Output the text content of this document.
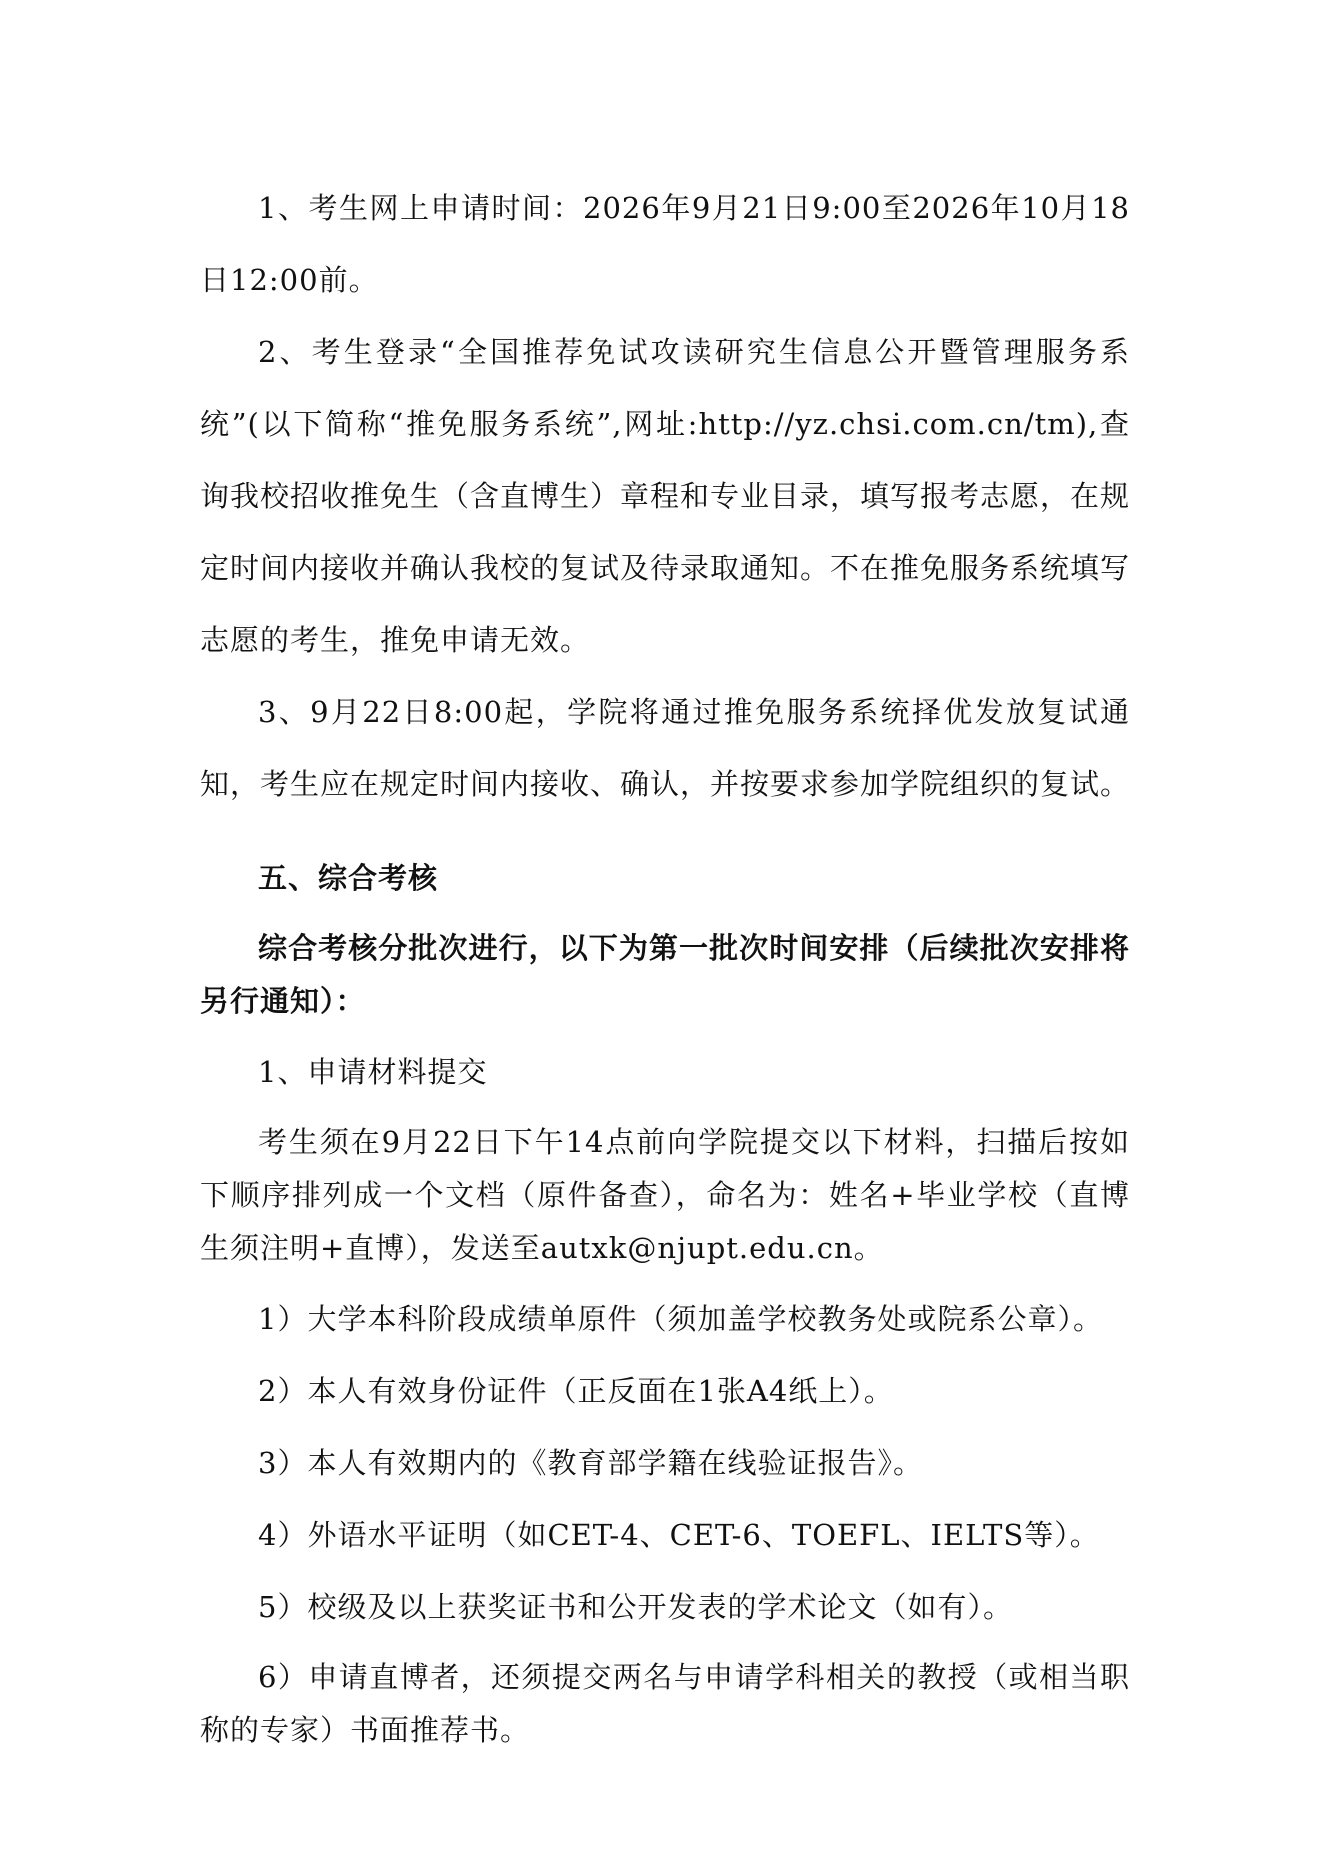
1、考生网上申请时间：2026年9月21日9:00至2026年10月18日12:00前。

2、考生登录“全国推荐免试攻读研究生信息公开暨管理服务系统”(以下简称“推免服务系统”,网址:http://yz.chsi.com.cn/tm),查询我校招收推免生（含直博生）章程和专业目录，填写报考志愿，在规定时间内接收并确认我校的复试及待录取通知。不在推免服务系统填写志愿的考生，推免申请无效。

3、9月22日8:00起，学院将通过推免服务系统择优发放复试通知，考生应在规定时间内接收、确认，并按要求参加学院组织的复试。

五、综合考核

综合考核分批次进行，以下为第一批次时间安排（后续批次安排将另行通知）：

1、申请材料提交

考生须在9月22日下午14点前向学院提交以下材料，扫描后按如下顺序排列成一个文档（原件备查），命名为：姓名+毕业学校（直博生须注明+直博），发送至autxk@njupt.edu.cn。

1）大学本科阶段成绩单原件（须加盖学校教务处或院系公章）。

2）本人有效身份证件（正反面在1张A4纸上）。

3）本人有效期内的《教育部学籍在线验证报告》。

4）外语水平证明（如CET-4、CET-6、TOEFL、IELTS等）。

5）校级及以上获奖证书和公开发表的学术论文（如有）。

6）申请直博者，还须提交两名与申请学科相关的教授（或相当职称的专家）书面推荐书。
